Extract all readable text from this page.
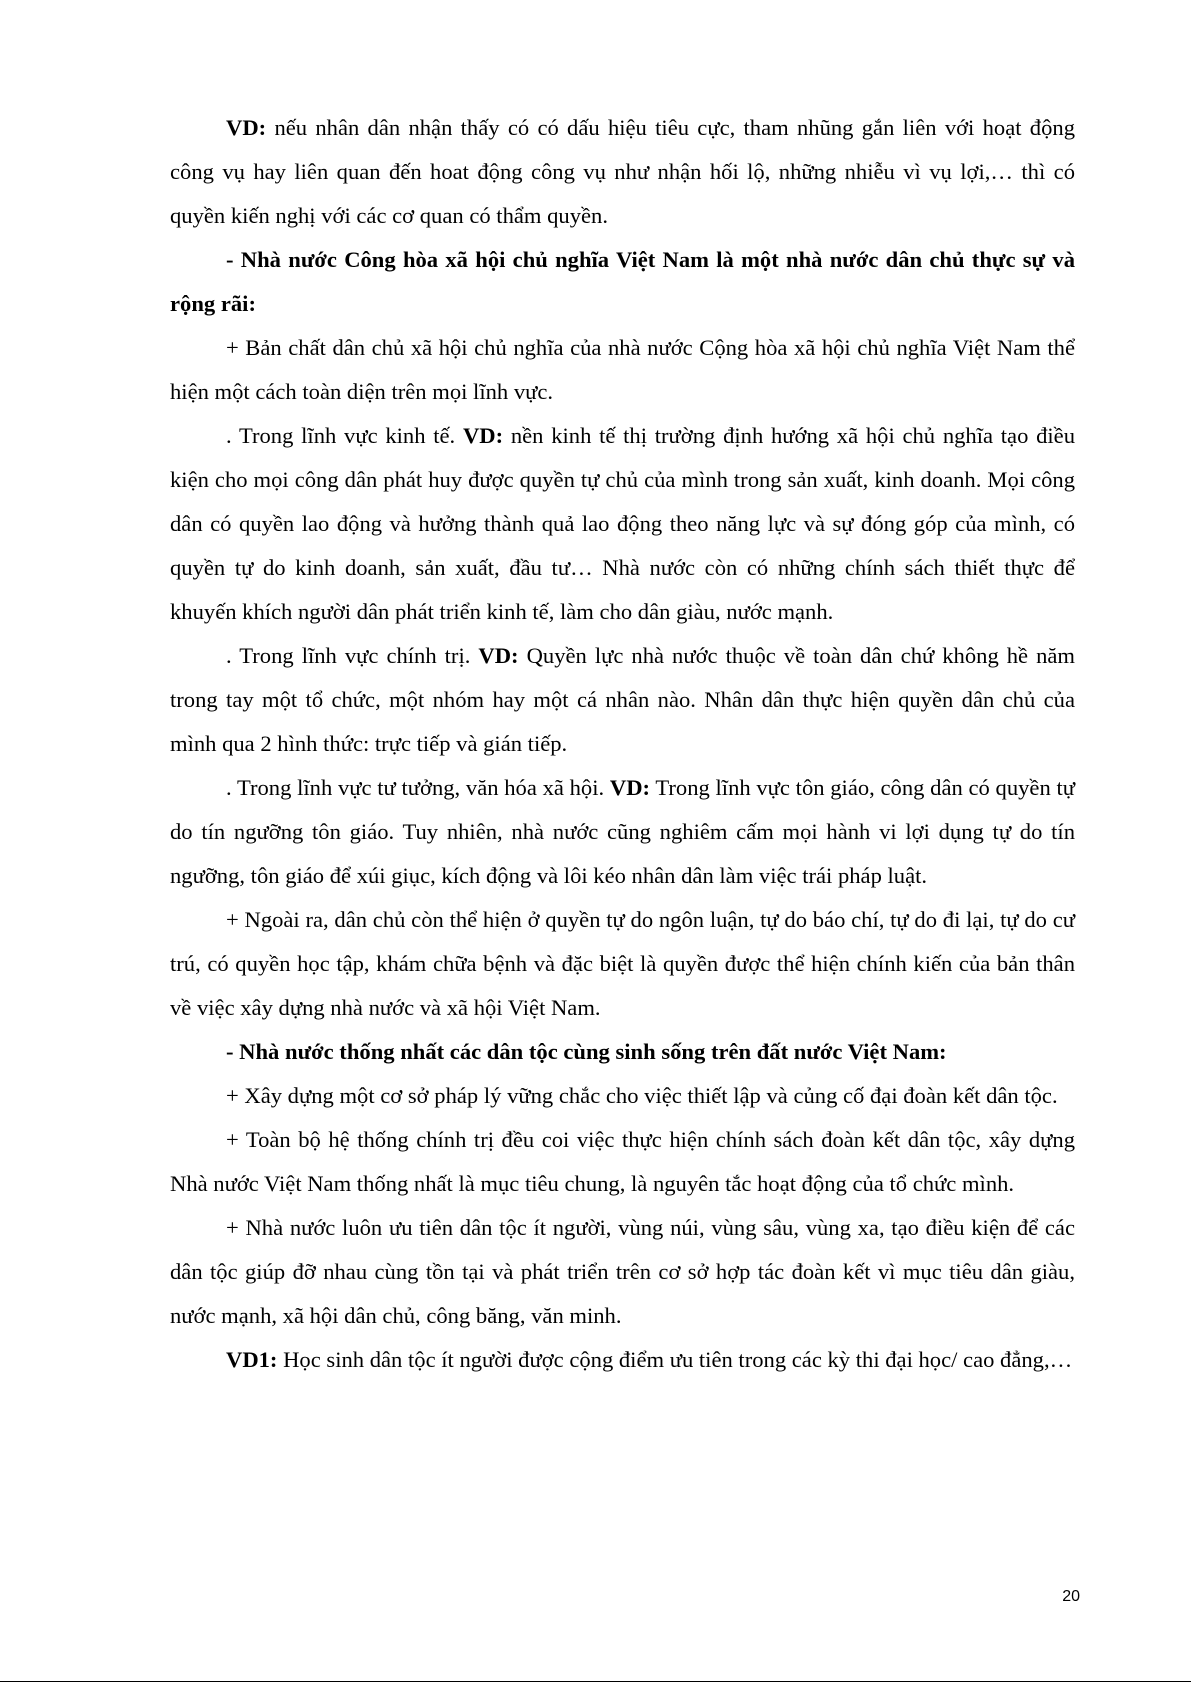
VD: nếu nhân dân nhận thấy có có dấu hiệu tiêu cực, tham nhũng gắn liên với hoạt động công vụ hay liên quan đến hoat động công vụ như nhận hối lộ, những nhiễu vì vụ lợi,… thì có quyền kiến nghị với các cơ quan có thẩm quyền.

- Nhà nước Công hòa xã hội chủ nghĩa Việt Nam là một nhà nước dân chủ thực sự và rộng rãi:

+ Bản chất dân chủ xã hội chủ nghĩa của nhà nước Cộng hòa xã hội chủ nghĩa Việt Nam thể hiện một cách toàn diện trên mọi lĩnh vực.

. Trong lĩnh vực kinh tế. VD: nền kinh tế thị trường định hướng xã hội chủ nghĩa tạo điều kiện cho mọi công dân phát huy được quyền tự chủ của mình trong sản xuất, kinh doanh. Mọi công dân có quyền lao động và hưởng thành quả lao động theo năng lực và sự đóng góp của mình, có quyền tự do kinh doanh, sản xuất, đầu tư… Nhà nước còn có những chính sách thiết thực để khuyến khích người dân phát triển kinh tế, làm cho dân giàu, nước mạnh.

. Trong lĩnh vực chính trị. VD: Quyền lực nhà nước thuộc về toàn dân chứ không hề năm trong tay một tổ chức, một nhóm hay một cá nhân nào. Nhân dân thực hiện quyền dân chủ của mình qua 2 hình thức: trực tiếp và gián tiếp.

. Trong lĩnh vực tư tưởng, văn hóa xã hội. VD: Trong lĩnh vực tôn giáo, công dân có quyền tự do tín ngưỡng tôn giáo. Tuy nhiên, nhà nước cũng nghiêm cấm mọi hành vi lợi dụng tự do tín ngưỡng, tôn giáo để xúi giục, kích động và lôi kéo nhân dân làm việc trái pháp luật.

+ Ngoài ra, dân chủ còn thể hiện ở quyền tự do ngôn luận, tự do báo chí, tự do đi lại, tự do cư trú, có quyền học tập, khám chữa bệnh và đặc biệt là quyền được thể hiện chính kiến của bản thân về việc xây dựng nhà nước và xã hội Việt Nam.

- Nhà nước thống nhất các dân tộc cùng sinh sống trên đất nước Việt Nam:

+ Xây dựng một cơ sở pháp lý vững chắc cho việc thiết lập và củng cố đại đoàn kết dân tộc.

+ Toàn bộ hệ thống chính trị đều coi việc thực hiện chính sách đoàn kết dân tộc, xây dựng Nhà nước Việt Nam thống nhất là mục tiêu chung, là nguyên tắc hoạt động của tổ chức mình.

+ Nhà nước luôn ưu tiên dân tộc ít người, vùng núi, vùng sâu, vùng xa, tạo điều kiện để các dân tộc giúp đỡ nhau cùng tồn tại và phát triển trên cơ sở hợp tác đoàn kết vì mục tiêu dân giàu, nước mạnh, xã hội dân chủ, công băng, văn minh.

VD1: Học sinh dân tộc ít người được cộng điểm ưu tiên trong các kỳ thi đại học/ cao đẳng,…

20
